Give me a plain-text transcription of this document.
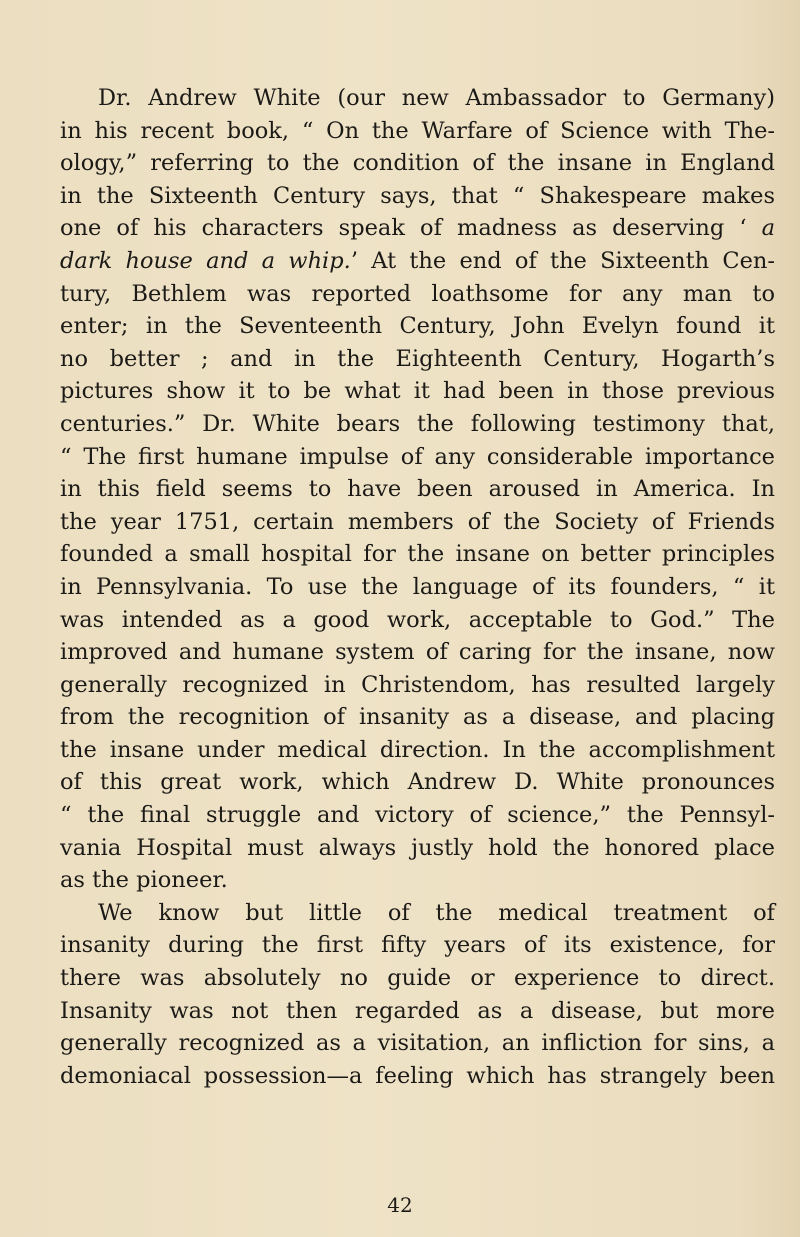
Dr. Andrew White (our new Ambassador to Germany)
in his recent book, “ On the Warfare of Science with The-
ology,” referring to the condition of the insane in England
in the Sixteenth Century says, that “ Shakespeare makes
one of his characters speak of madness as deserving ‘ a
dark house and a whip.’ At the end of the Sixteenth Cen-
tury, Bethlem was reported loathsome for any man to
enter; in the Seventeenth Century, John Evelyn found it
no better ; and in the Eighteenth Century, Hogarth’s
pictures show it to be what it had been in those previous
centuries.” Dr. White bears the following testimony that,
“ The first humane impulse of any considerable importance
in this field seems to have been aroused in America. In
the year 1751, certain members of the Society of Friends
founded a small hospital for the insane on better principles
in Pennsylvania. To use the language of its founders, “ it
was intended as a good work, acceptable to God.” The
improved and humane system of caring for the insane, now
generally recognized in Christendom, has resulted largely
from the recognition of insanity as a disease, and placing
the insane under medical direction. In the accomplishment
of this great work, which Andrew D. White pronounces
“ the final struggle and victory of science,” the Pennsyl-
vania Hospital must always justly hold the honored place
as the pioneer.
We know but little of the medical treatment of
insanity during the first fifty years of its existence, for
there was absolutely no guide or experience to direct.
Insanity was not then regarded as a disease, but more
generally recognized as a visitation, an infliction for sins, a
demoniacal possession—a feeling which has strangely been
42
